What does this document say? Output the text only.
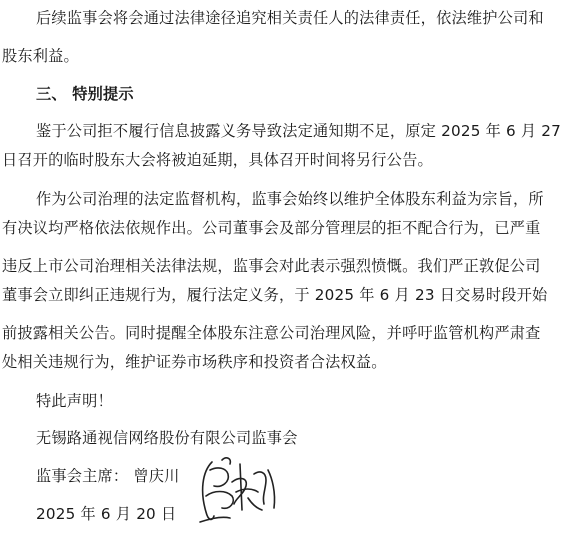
后续监事会将会通过法律途径追究相关责任人的法律责任，依法维护公司和
股东利益。
三、 特别提示
鉴于公司拒不履行信息披露义务导致法定通知期不足，原定 2025 年 6 月 27
日召开的临时股东大会将被迫延期，具体召开时间将另行公告。
作为公司治理的法定监督机构，监事会始终以维护全体股东利益为宗旨，所
有决议均严格依法依规作出。公司董事会及部分管理层的拒不配合行为，已严重
违反上市公司治理相关法律法规，监事会对此表示强烈愤慨。我们严正敦促公司
董事会立即纠正违规行为，履行法定义务，于 2025 年 6 月 23 日交易时段开始
前披露相关公告。同时提醒全体股东注意公司治理风险，并呼吁监管机构严肃查
处相关违规行为，维护证券市场秩序和投资者合法权益。
特此声明！
无锡路通视信网络股份有限公司监事会
监事会主席： 曾庆川
2025 年 6 月 20 日
